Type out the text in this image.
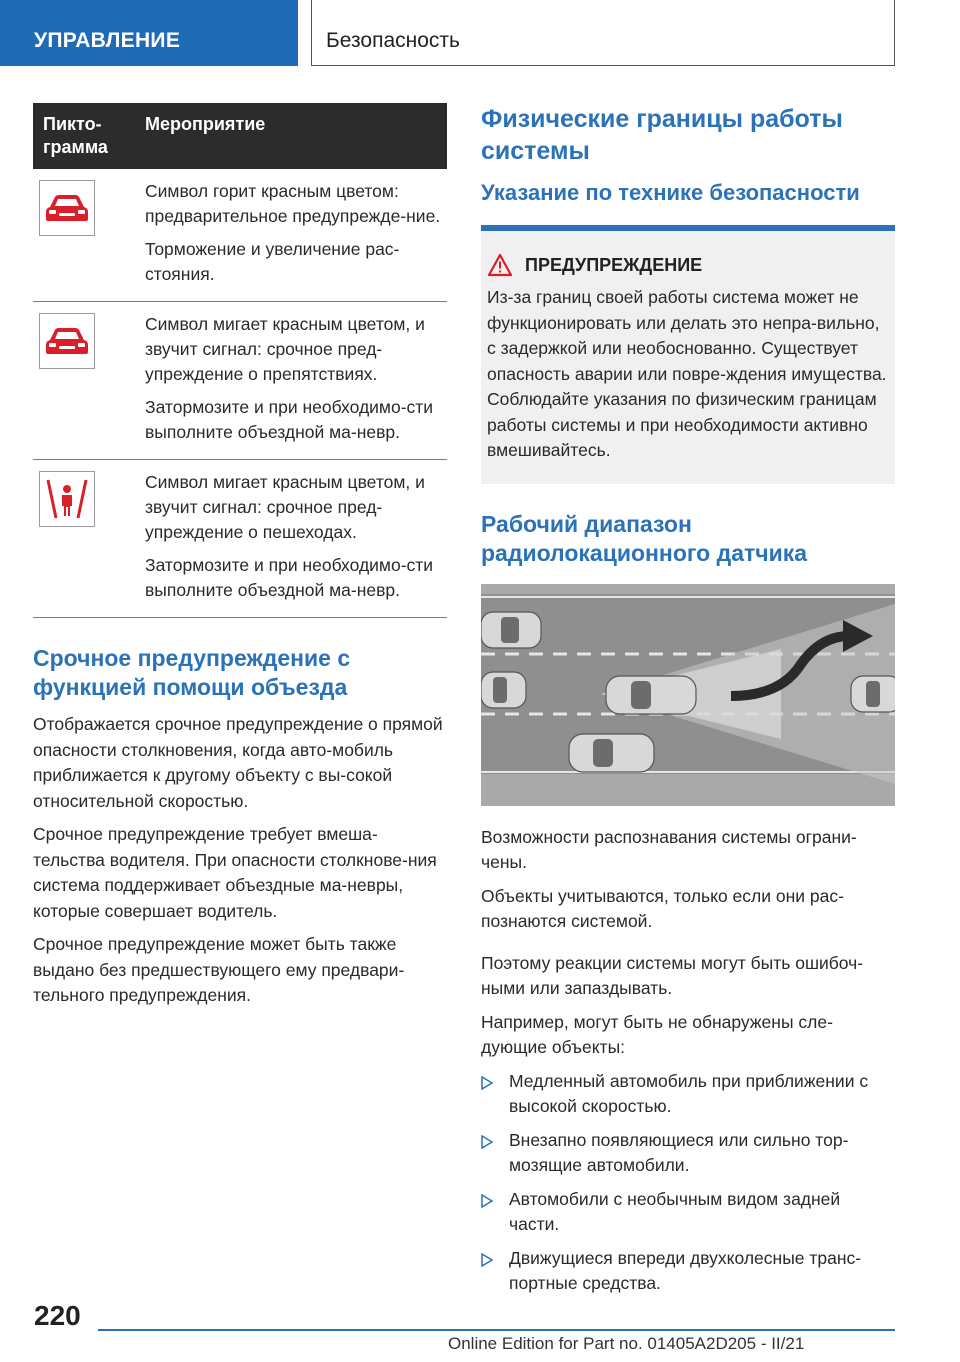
УПРАВЛЕНИЕ	Безопасность
Пикто-
грамма	Мероприятие

Символ горит красным цветом: предварительное предупрежде-ние.
Торможение и увеличение рас-стояния.

Символ мигает красным цветом, и звучит сигнал: срочное пред-упреждение о препятствиях.
Затормозите и при необходимо-сти выполните объездной ма-невр.

Символ мигает красным цветом, и звучит сигнал: срочное пред-упреждение о пешеходах.
Затормозите и при необходимо-сти выполните объездной ма-невр.
Срочное предупреждение с функцией помощи объезда

Отображается срочное предупреждение о прямой опасности столкновения, когда авто-мобиль приближается к другому объекту с вы-сокой относительной скоростью.

Срочное предупреждение требует вмеша-тельства водителя. При опасности столкнове-ния система поддерживает объездные ма-невры, которые совершает водитель.

Срочное предупреждение может быть также выдано без предшествующего ему предвари-тельного предупреждения.

Физические границы работы системы
Указание по технике безопасности
ПРЕДУПРЕЖДЕНИЕ
Из-за границ своей работы система может не функционировать или делать это непра-вильно, с задержкой или необоснованно. Существует опасность аварии или повре-ждения имущества. Соблюдайте указания по физическим границам работы системы и при необходимости активно вмешивайтесь.
Рабочий диапазон радиолокационного датчика

Возможности распознавания системы ограни-чены.

Объекты учитываются, только если они рас-познаются системой.

Поэтому реакции системы могут быть ошибоч-ными или запаздывать.

Например, могут быть не обнаружены сле-дующие объекты:

Медленный автомобиль при приближении с высокой скоростью.
Внезапно появляющиеся или сильно тор-мозящие автомобили.
Автомобили с необычным видом задней части.
Движущиеся впереди двухколесные транс-портные средства.
220
Online Edition for Part no. 01405A2D205 - II/21
